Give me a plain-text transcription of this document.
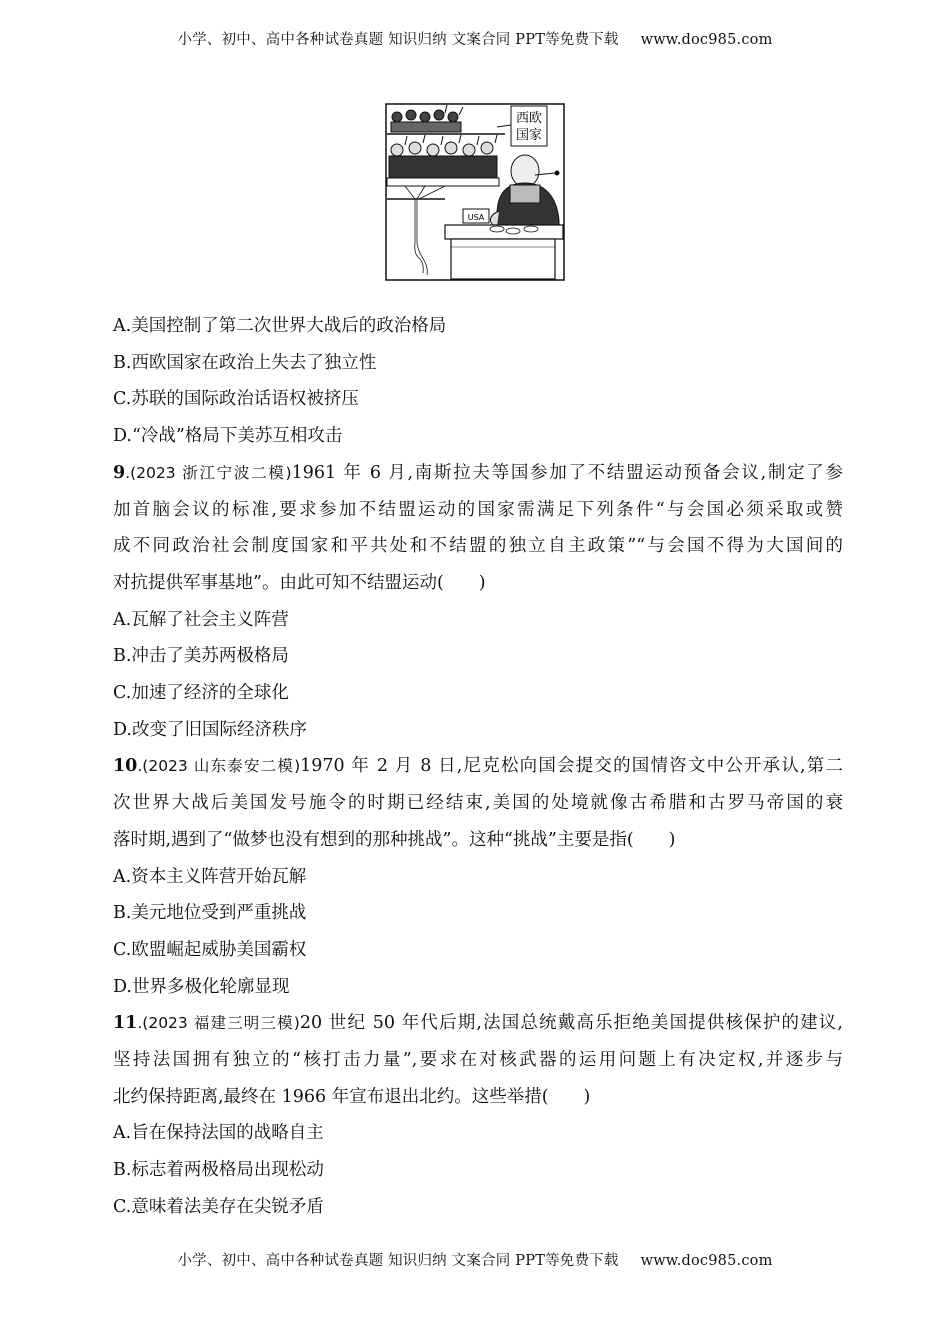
小学、初中、高中各种试卷真题 知识归纳 文案合同 PPT等免费下载 www.doc985.com
西欧
国家
USA
A.美国控制了第二次世界大战后的政治格局
B.西欧国家在政治上失去了独立性
C.苏联的国际政治话语权被挤压
D.“冷战”格局下美苏互相攻击
9.(2023 浙江宁波二模)1961 年 6 月,南斯拉夫等国参加了不结盟运动预备会议,制定了参
加首脑会议的标准,要求参加不结盟运动的国家需满足下列条件“与会国必须采取或赞
成不同政治社会制度国家和平共处和不结盟的独立自主政策”“与会国不得为大国间的
对抗提供军事基地”。由此可知不结盟运动(　　)
A.瓦解了社会主义阵营
B.冲击了美苏两极格局
C.加速了经济的全球化
D.改变了旧国际经济秩序
10.(2023 山东泰安二模)1970 年 2 月 8 日,尼克松向国会提交的国情咨文中公开承认,第二
次世界大战后美国发号施令的时期已经结束,美国的处境就像古希腊和古罗马帝国的衰
落时期,遇到了“做梦也没有想到的那种挑战”。这种“挑战”主要是指(　　)
A.资本主义阵营开始瓦解
B.美元地位受到严重挑战
C.欧盟崛起威胁美国霸权
D.世界多极化轮廓显现
11.(2023 福建三明三模)20 世纪 50 年代后期,法国总统戴高乐拒绝美国提供核保护的建议,
坚持法国拥有独立的“核打击力量”,要求在对核武器的运用问题上有决定权,并逐步与
北约保持距离,最终在 1966 年宣布退出北约。这些举措(　　)
A.旨在保持法国的战略自主
B.标志着两极格局出现松动
C.意味着法美存在尖锐矛盾
小学、初中、高中各种试卷真题 知识归纳 文案合同 PPT等免费下载 www.doc985.com
